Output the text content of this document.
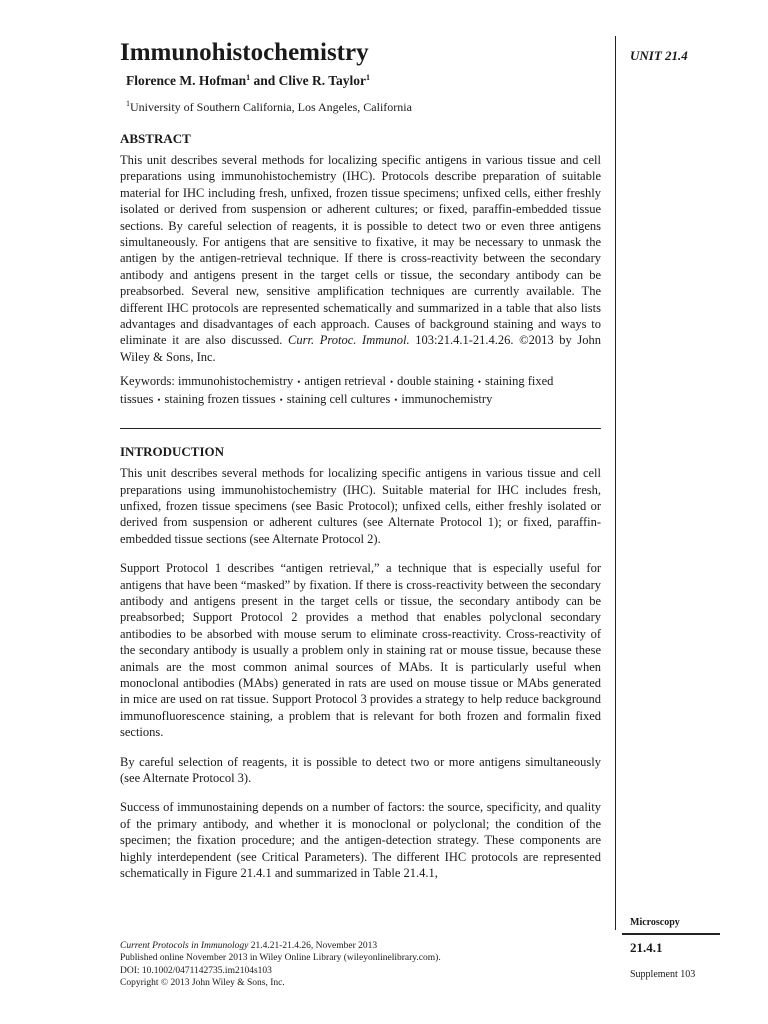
Immunohistochemistry
Florence M. Hofman$^1$ and Clive R. Taylor$^1$
$^1$University of Southern California, Los Angeles, California
ABSTRACT

This unit describes several methods for localizing specific antigens in various tissue and cell preparations using immunohistochemistry (IHC). Protocols describe preparation of suitable material for IHC including fresh, unfixed, frozen tissue specimens; unfixed cells, either freshly isolated or derived from suspension or adherent cultures; or fixed, paraffin-embedded tissue sections. By careful selection of reagents, it is possible to detect two or even three antigens simultaneously. For antigens that are sensitive to fixative, it may be necessary to unmask the antigen by the antigen-retrieval technique. If there is cross-reactivity between the secondary antibody and antigens present in the target cells or tissue, the secondary antibody can be preabsorbed. Several new, sensitive amplification techniques are currently available. The different IHC protocols are represented schematically and summarized in a table that also lists advantages and disadvantages of each approach. Causes of background staining and ways to eliminate it are also discussed. Curr. Protoc. Immunol. 103:21.4.1-21.4.26. ©2013 by John Wiley & Sons, Inc.

Keywords: immunohistochemistry • antigen retrieval • double staining • staining fixed tissues • staining frozen tissues • staining cell cultures • immunochemistry
INTRODUCTION

This unit describes several methods for localizing specific antigens in various tissue and cell preparations using immunohistochemistry (IHC). Suitable material for IHC includes fresh, unfixed, frozen tissue specimens (see Basic Protocol); unfixed cells, either freshly isolated or derived from suspension or adherent cultures (see Alternate Protocol 1); or fixed, paraffin-embedded tissue sections (see Alternate Protocol 2).

Support Protocol 1 describes “antigen retrieval,” a technique that is especially useful for antigens that have been “masked” by fixation. If there is cross-reactivity between the secondary antibody and antigens present in the target cells or tissue, the secondary antibody can be preabsorbed; Support Protocol 2 provides a method that enables polyclonal secondary antibodies to be absorbed with mouse serum to eliminate cross-reactivity. Cross-reactivity of the secondary antibody is usually a problem only in staining rat or mouse tissue, because these animals are the most common animal sources of MAbs. It is particularly useful when monoclonal antibodies (MAbs) generated in rats are used on mouse tissue or MAbs generated in mice are used on rat tissue. Support Protocol 3 provides a strategy to help reduce background immunofluorescence staining, a problem that is relevant for both frozen and formalin fixed sections.

By careful selection of reagents, it is possible to detect two or more antigens simultaneously (see Alternate Protocol 3).

Success of immunostaining depends on a number of factors: the source, specificity, and quality of the primary antibody, and whether it is monoclonal or polyclonal; the condition of the specimen; the fixation procedure; and the antigen-detection strategy. These components are highly interdependent (see Critical Parameters). The different IHC protocols are represented schematically in Figure 21.4.1 and summarized in Table 21.4.1,

UNIT 21.4
Microscopy
21.4.1
Supplement 103
Current Protocols in Immunology 21.4.21-21.4.26, November 2013
Published online November 2013 in Wiley Online Library (wileyonlinelibrary.com).
DOI: 10.1002/0471142735.im2104s103
Copyright © 2013 John Wiley & Sons, Inc.
